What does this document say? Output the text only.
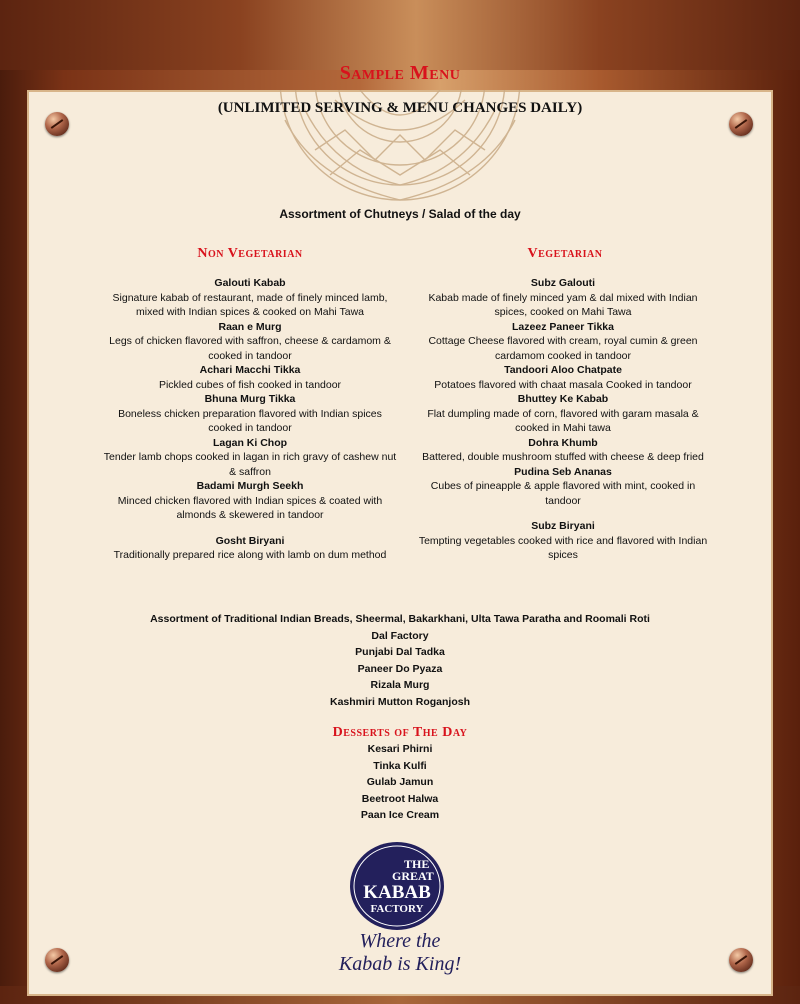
Sample Menu
(UNLIMITED SERVING & MENU CHANGES DAILY)
Assortment of Chutneys / Salad of the day
Non Vegetarian	Vegetarian
Galouti Kabab
Signature kabab of restaurant, made of finely minced lamb, mixed with Indian spices & cooked on Mahi Tawa
Raan e Murg
Legs of chicken flavored with saffron, cheese & cardamom & cooked in tandoor
Achari Macchi Tikka
Pickled cubes of fish cooked in tandoor
Bhuna Murg Tikka
Boneless chicken preparation flavored with Indian spices cooked in tandoor
Lagan Ki Chop
Tender lamb chops cooked in lagan in rich gravy of cashew nut & saffron
Badami Murgh Seekh
Minced chicken flavored with Indian spices & coated with almonds & skewered in tandoor
Gosht Biryani
Traditionally prepared rice along with lamb on dum method
Subz Galouti
Kabab made of finely minced yam & dal mixed with Indian spices, cooked on Mahi Tawa
Lazeez Paneer Tikka
Cottage Cheese flavored with cream, royal cumin & green cardamom cooked in tandoor
Tandoori Aloo Chatpate
Potatoes flavored with chaat masala Cooked in tandoor
Bhuttey Ke Kabab
Flat dumpling made of corn, flavored with garam masala & cooked in Mahi tawa
Dohra Khumb
Battered, double mushroom stuffed with cheese & deep fried
Pudina Seb Ananas
Cubes of pineapple & apple flavored with mint, cooked in tandoor
Subz Biryani
Tempting vegetables cooked with rice and flavored with Indian spices
Assortment of Traditional Indian Breads, Sheermal, Bakarkhani, Ulta Tawa Paratha and Roomali Roti
Dal Factory
Punjabi Dal Tadka
Paneer Do Pyaza
Rizala Murg
Kashmiri Mutton Roganjosh
Desserts of The Day
Kesari Phirni
Tinka Kulfi
Gulab Jamun
Beetroot Halwa
Paan Ice Cream
THE
GREAT
KABAB
FACTORY
Where the
Kabab is King!
